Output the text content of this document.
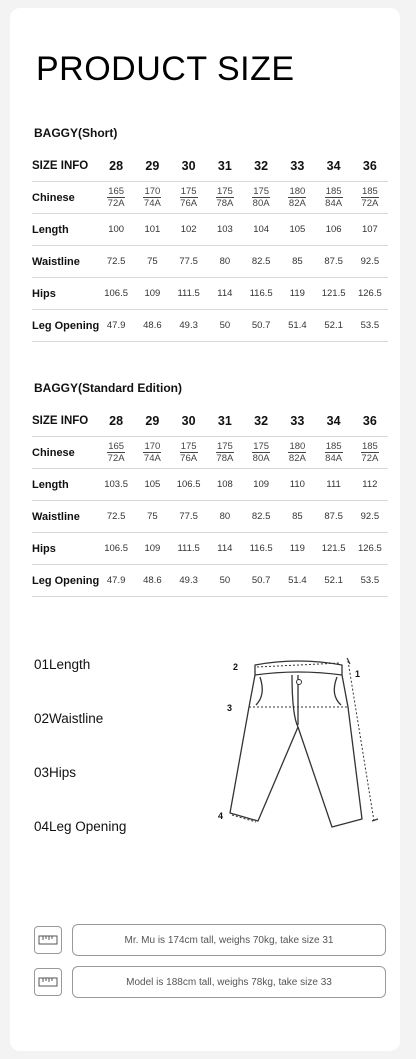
PRODUCT SIZE
BAGGY(Short)
SIZE INFO	28	29	30	31	32	33	34	36
Chinese	$\frac{165}{72A}$	$\frac{170}{74A}$	$\frac{175}{76A}$	$\frac{175}{78A}$	$\frac{175}{80A}$	$\frac{180}{82A}$	$\frac{185}{84A}$	$\frac{185}{72A}$

Length	100	101	102	103	104	105	106	107
Waistline	72.5	75	77.5	80	82.5	85	87.5	92.5
Hips	106.5	109	111.5	114	116.5	119	121.5	126.5
Leg Opening	47.9	48.6	49.3	50	50.7	51.4	52.1	53.5
BAGGY(Standard Edition)
SIZE INFO	28	29	30	31	32	33	34	36
Chinese	$\frac{165}{72A}$	$\frac{170}{74A}$	$\frac{175}{76A}$	$\frac{175}{78A}$	$\frac{175}{80A}$	$\frac{180}{82A}$	$\frac{185}{84A}$	$\frac{185}{72A}$

Length	103.5	105	106.5	108	109	110	111	112
Waistline	72.5	75	77.5	80	82.5	85	87.5	92.5
Hips	106.5	109	111.5	114	116.5	119	121.5	126.5
Leg Opening	47.9	48.6	49.3	50	50.7	51.4	52.1	53.5
01Length
02Waistline
03Hips
04Leg Opening
1
2
3
4
Mr. Mu is 174cm tall, weighs 70kg, take size 31
Model is 188cm tall, weighs 78kg, take size 33
